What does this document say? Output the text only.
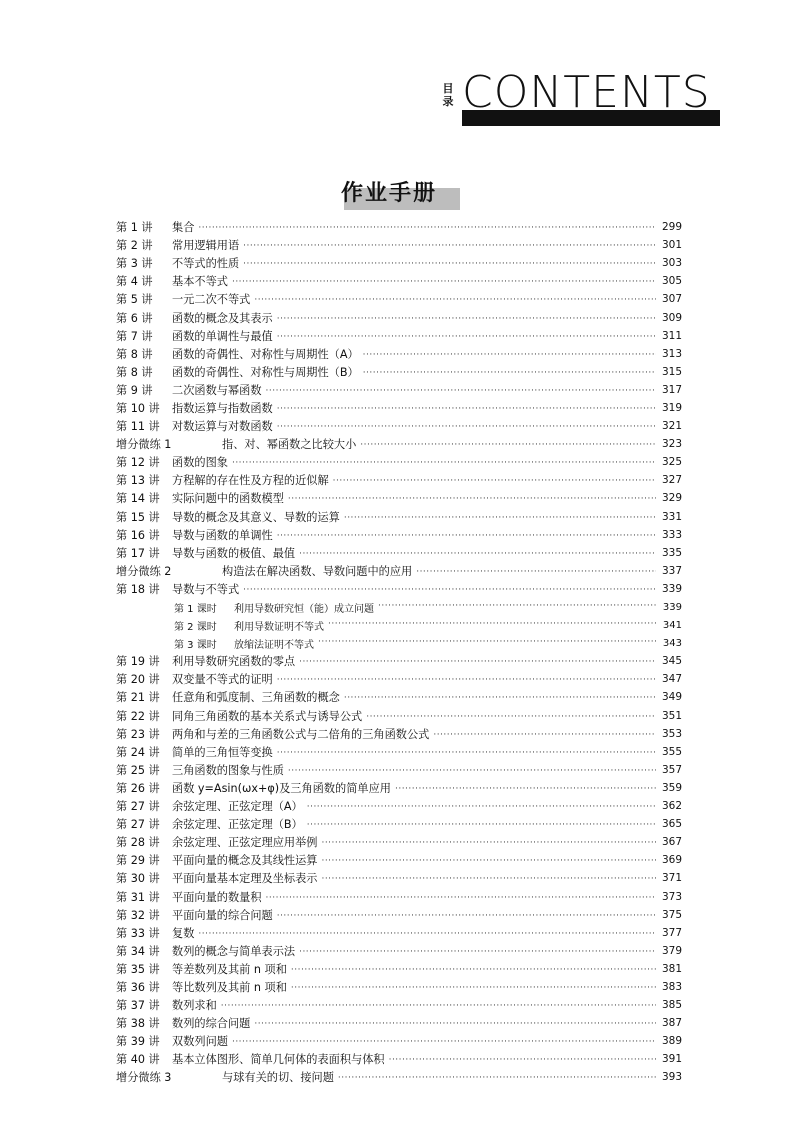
目录 CONTENTS
作业手册
第 1 讲	集合 ·····	299
第 2 讲	常用逻辑用语 ·····	301
第 3 讲	不等式的性质 ·····	303
第 4 讲	基本不等式 ·····	305
第 5 讲	一元二次不等式 ·····	307
第 6 讲	函数的概念及其表示 ·····	309
第 7 讲	函数的单调性与最值 ·····	311
第 8 讲	函数的奇偶性、对称性与周期性（A） ·····	313
第 8 讲	函数的奇偶性、对称性与周期性（B） ·····	315
第 9 讲	二次函数与幂函数 ·····	317
第 10 讲	指数运算与指数函数 ·····	319
第 11 讲	对数运算与对数函数 ·····	321
增分微练 1	指、对、幂函数之比较大小 ·····	323
第 12 讲	函数的图象 ·····	325
第 13 讲	方程解的存在性及方程的近似解 ·····	327
第 14 讲	实际问题中的函数模型 ·····	329
第 15 讲	导数的概念及其意义、导数的运算 ·····	331
第 16 讲	导数与函数的单调性 ·····	333
第 17 讲	导数与函数的极值、最值 ·····	335
增分微练 2	构造法在解决函数、导数问题中的应用 ·····	337
第 18 讲	导数与不等式 ·····	339
第 1 课时	利用导数研究恒（能）成立问题 ·····	339
第 2 课时	利用导数证明不等式 ·····	341
第 3 课时	放缩法证明不等式 ·····	343
第 19 讲	利用导数研究函数的零点 ·····	345
第 20 讲	双变量不等式的证明 ·····	347
第 21 讲	任意角和弧度制、三角函数的概念 ·····	349
第 22 讲	同角三角函数的基本关系式与诱导公式 ·····	351
第 23 讲	两角和与差的三角函数公式与二倍角的三角函数公式 ·····	353
第 24 讲	简单的三角恒等变换 ·····	355
第 25 讲	三角函数的图象与性质 ·····	357
第 26 讲	函数 y=Asin(ωx+φ)及三角函数的简单应用 ·····	359
第 27 讲	余弦定理、正弦定理（A） ·····	362
第 27 讲	余弦定理、正弦定理（B） ·····	365
第 28 讲	余弦定理、正弦定理应用举例 ·····	367
第 29 讲	平面向量的概念及其线性运算 ·····	369
第 30 讲	平面向量基本定理及坐标表示 ·····	371
第 31 讲	平面向量的数量积 ·····	373
第 32 讲	平面向量的综合问题 ·····	375
第 33 讲	复数 ·····	377
第 34 讲	数列的概念与简单表示法 ·····	379
第 35 讲	等差数列及其前 n 项和 ·····	381
第 36 讲	等比数列及其前 n 项和 ·····	383
第 37 讲	数列求和 ·····	385
第 38 讲	数列的综合问题 ·····	387
第 39 讲	双数列问题 ·····	389
第 40 讲	基本立体图形、简单几何体的表面积与体积 ·····	391
增分微练 3	与球有关的切、接问题 ·····	393
